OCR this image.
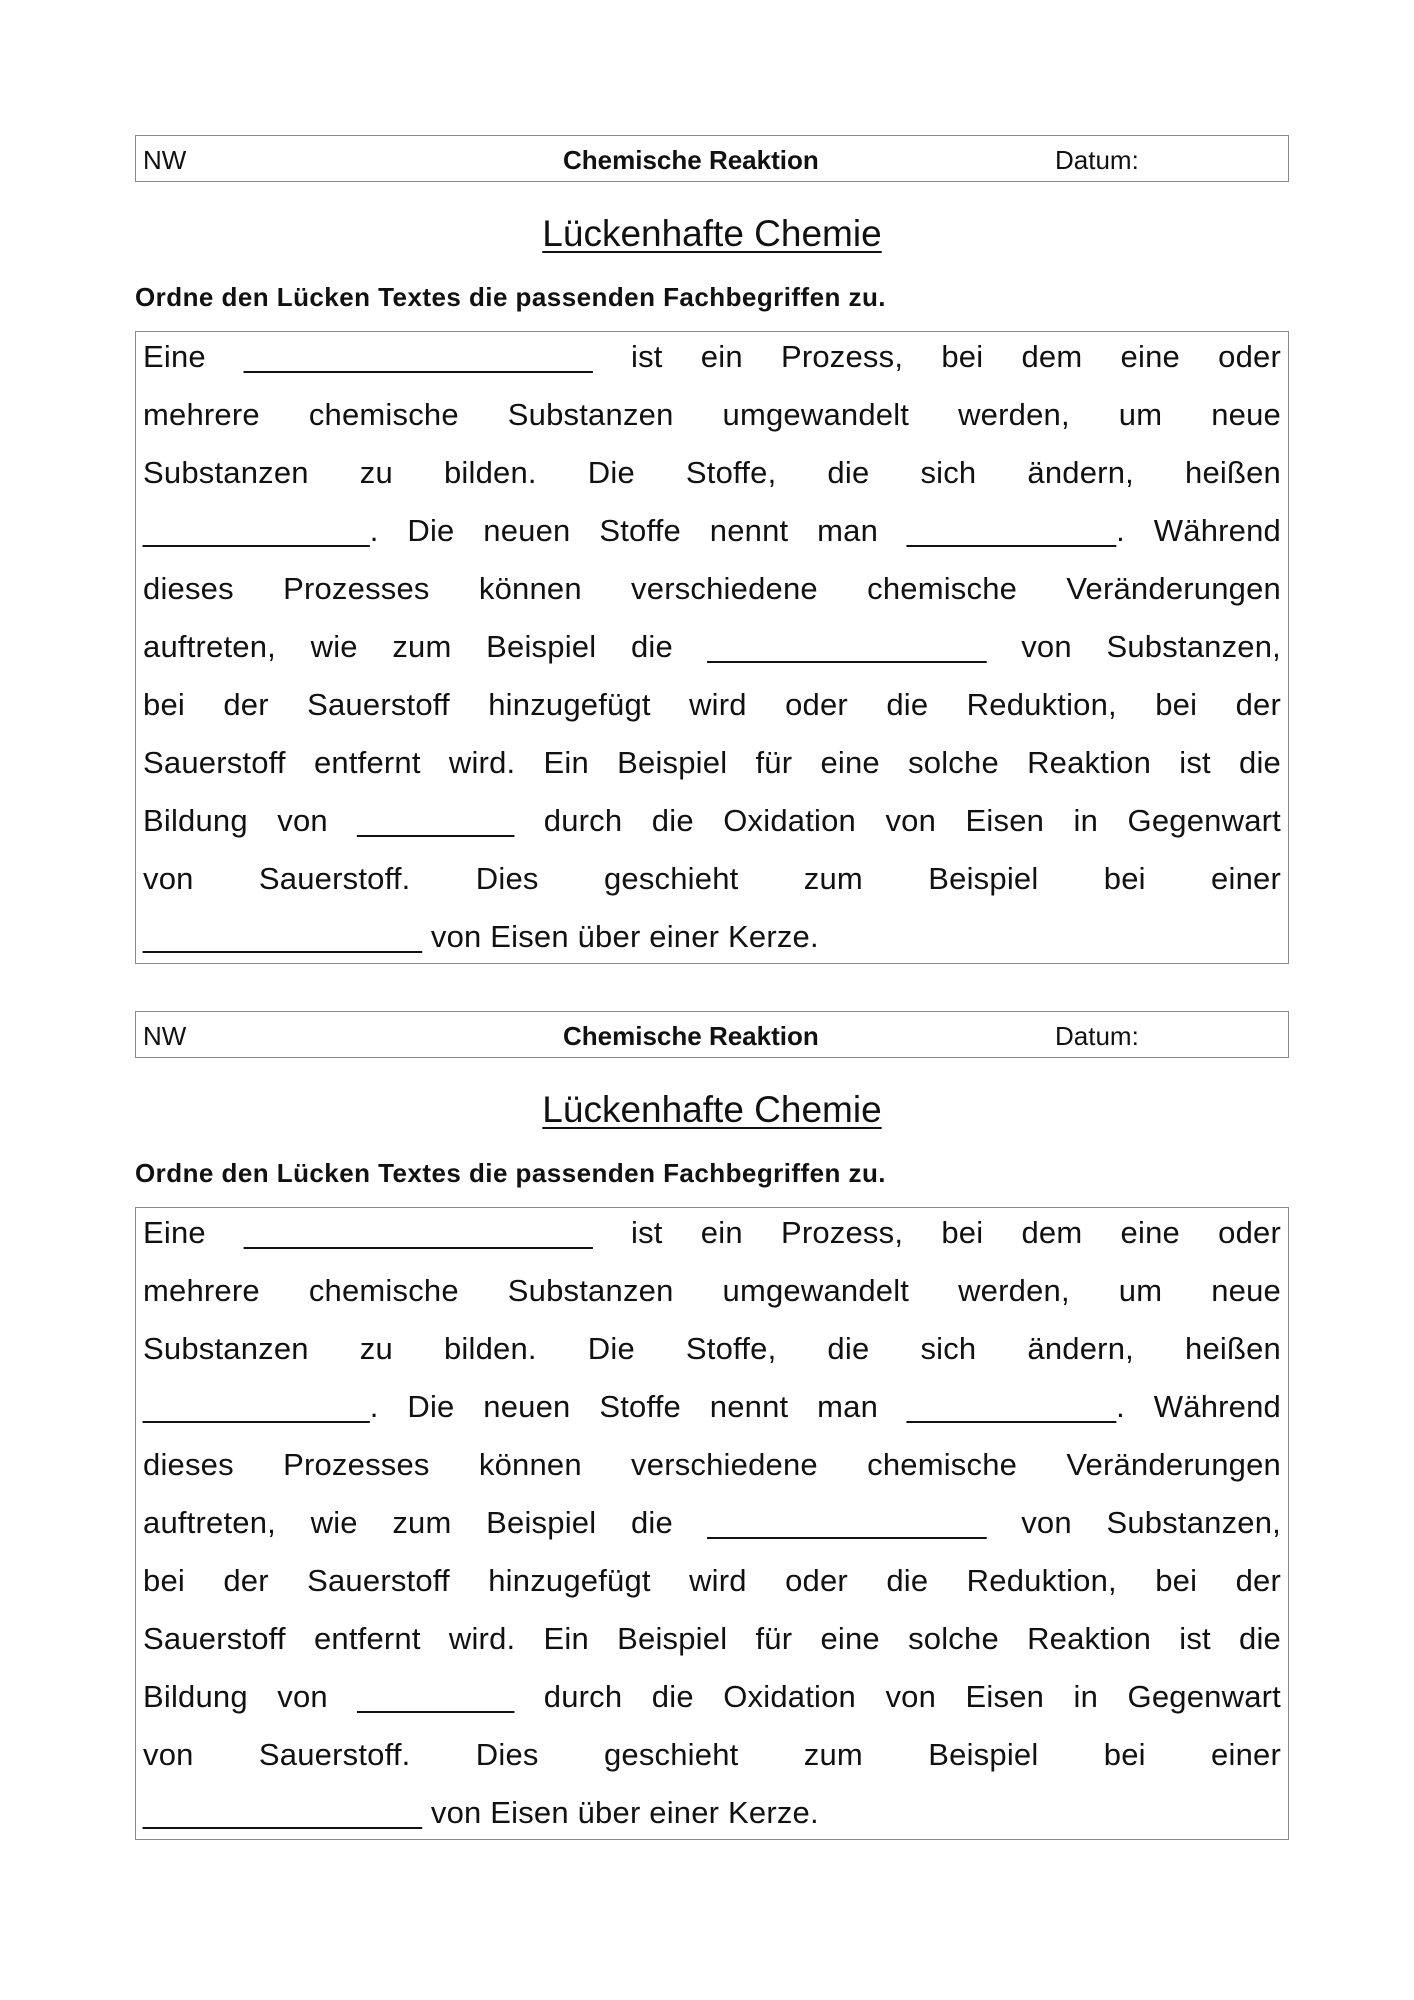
NW	Chemische Reaktion	Datum:
Lückenhafte Chemie
Ordne den Lücken Textes die passenden Fachbegriffen zu.
Eine ____________________ ist ein Prozess, bei dem eine oder
mehrere chemische Substanzen umgewandelt werden, um neue
Substanzen zu bilden. Die Stoffe, die sich ändern, heißen
_____________. Die neuen Stoffe nennt man ____________. Während
dieses Prozesses können verschiedene chemische Veränderungen
auftreten, wie zum Beispiel die ________________ von Substanzen,
bei der Sauerstoff hinzugefügt wird oder die Reduktion, bei der
Sauerstoff entfernt wird. Ein Beispiel für eine solche Reaktion ist die
Bildung von _________ durch die Oxidation von Eisen in Gegenwart
von Sauerstoff. Dies geschieht zum Beispiel bei einer
________________ von Eisen über einer Kerze.
NW	Chemische Reaktion	Datum:
Lückenhafte Chemie
Ordne den Lücken Textes die passenden Fachbegriffen zu.
Eine ____________________ ist ein Prozess, bei dem eine oder
mehrere chemische Substanzen umgewandelt werden, um neue
Substanzen zu bilden. Die Stoffe, die sich ändern, heißen
_____________. Die neuen Stoffe nennt man ____________. Während
dieses Prozesses können verschiedene chemische Veränderungen
auftreten, wie zum Beispiel die ________________ von Substanzen,
bei der Sauerstoff hinzugefügt wird oder die Reduktion, bei der
Sauerstoff entfernt wird. Ein Beispiel für eine solche Reaktion ist die
Bildung von _________ durch die Oxidation von Eisen in Gegenwart
von Sauerstoff. Dies geschieht zum Beispiel bei einer
________________ von Eisen über einer Kerze.
